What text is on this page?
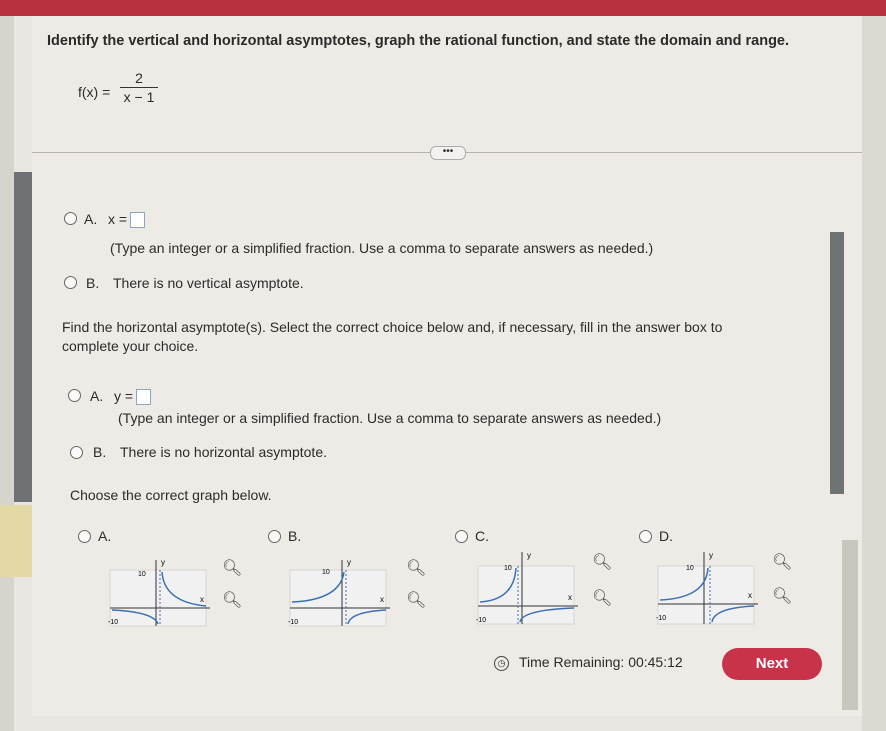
Identify the vertical and horizontal asymptotes, graph the rational function, and state the domain and range.
$f(x) = \frac{2}{x - 1}$
•••
A. x =
(Type an integer or a simplified fraction. Use a comma to separate answers as needed.)
B. There is no vertical asymptote.
Find the horizontal asymptote(s). Select the correct choice below and, if necessary, fill in the answer box to
complete your choice.
A. y =
(Type an integer or a simplified fraction. Use a comma to separate answers as needed.)
B. There is no horizontal asymptote.
Choose the correct graph below.
A.	B.	C.	D.
y
x
10
-10
🔍︎
🔍︎
y
x
10
-10
🔍︎
🔍︎
y
x
10
-10
🔍︎
🔍︎
y
x
10
-10
🔍︎
🔍︎
◷ Time Remaining: 00:45:12	Next
